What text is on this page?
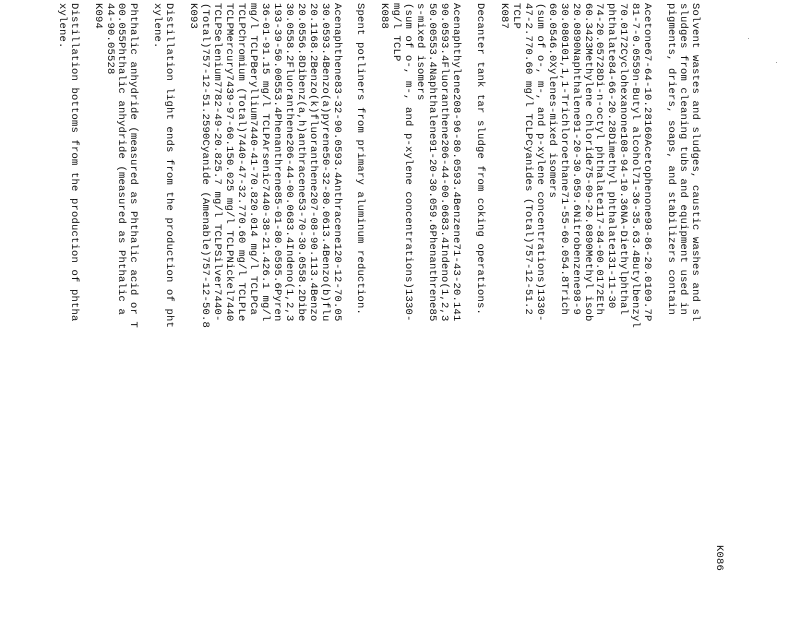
K086
Solvent wastes and sludges, caustic washes and sl
sludges from cleaning tubs and equipment used in
pigments, driers, soaps, and stabilizers contain
Acetone67-64-10.28160Acetophenone98-86-20.0109.7P
81-7-0.0559n-Butyl alcohol71-36-35.63.4Butylbenzyl
70.0172Cyclohexanone108-94-10.36NA-Diethylphthal
phthalate84-66-20.28Dimethyl phthalate131-11-30
74-20.05728Di-n-octyl phthalate117-84-00.0172Eth
60.3423Methylene chloride75-09-20.0890Methyl isob
20.0890Naphthalene91-20-30.059.6Nitrobenzene98-9
30.080101,1,1-Trichloroethane71-55-60.054.8Trich
60.0546.0Xylenes-mixed isomers
(sum of o-, m-, and p-xylene concentrations)1330-
47-2.770.60 mg/l TCLPCyanides (Total)757-12-51.2
TCLP
K087
Decanter tank tar sludge from coking operations.
Acenaphthylene208-96-80.0593.4Benzene71-43-20.141
90.0593.4Fluoranthene206-44-00.0683.4Indeno(1,2,3
50.00553.4Naphthalene91-20-30.059.6Phenanthrene85
s-mixed isomers
(sum of o-, m-, and p-xylene concentrations)1330-
mg/l TCLP
K088
Spent potliners from primary aluminum reduction.
Acenaphthene83-32-90.0593.4Anthracene120-12-70.05
30.0593.4Benzo(a)pyrene50-32-80.0613.4Benzo(b)flu
20.1168.2Benzo(k)fluoranthene207-08-90.113.4Benzo
20.0556.8Dibenz(a,h)anthracene53-70-30.0558.2Dibe
30.0558.2Fluoranthene206-44-00.0683.4Indeno(1,2,3
193-39-50.00553.4Phenanthrene85-01-80.0595.6Pyren
36-01-91.15 mg/l TCLPArsenic7440-38-21.426.1 mg/l
mg/l TCLPBeryllium7440-41-70.820.014 mg/l TCLPCa
TCLPChromium (Total)7440-47-32.770.60 mg/l TCLPLe
TCLPMercury7439-97-60.150.025 mg/l TCLPNickel7440
TCLPSelenium7782-49-20.825.7 mg/l TCLPSilver7440-
(Total)757-12-51.2590Cyanide (Amenable)757-12-50.8
K093
Distillation light ends from the production of pht
xylene.
Phthalic anhydride (measured as Phthalic acid or T
00.055Phthalic anhydride (measured as Phthalic a
44-90.05528
K094
Distillation bottoms from the production of phtha
xylene.
